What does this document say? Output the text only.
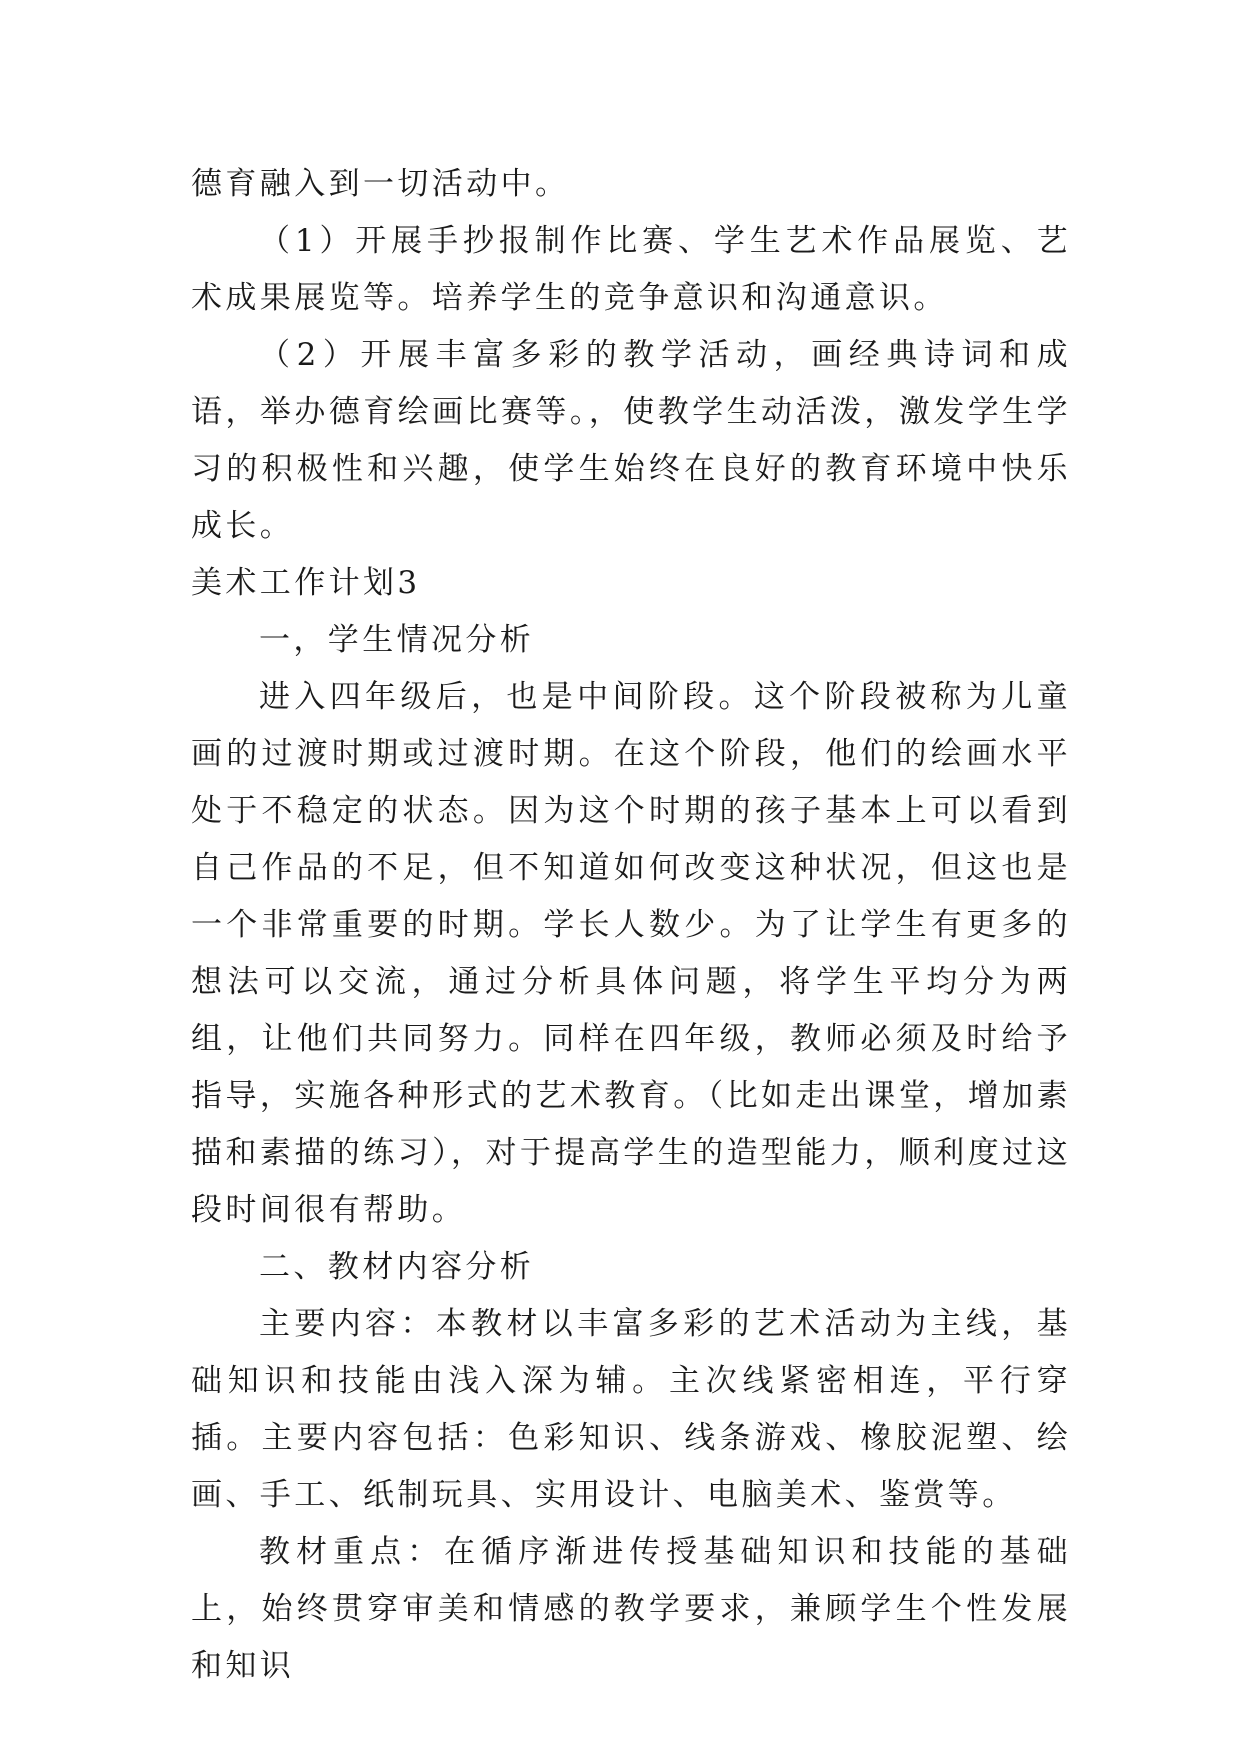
德育融入到一切活动中。

（1）开展手抄报制作比赛、学生艺术作品展览、艺术成果展览等。培养学生的竞争意识和沟通意识。

（2）开展丰富多彩的教学活动，画经典诗词和成语，举办德育绘画比赛等。，使教学生动活泼，激发学生学习的积极性和兴趣，使学生始终在良好的教育环境中快乐成长。

美术工作计划3

一，学生情况分析

进入四年级后，也是中间阶段。这个阶段被称为儿童画的过渡时期或过渡时期。在这个阶段，他们的绘画水平处于不稳定的状态。因为这个时期的孩子基本上可以看到自己作品的不足，但不知道如何改变这种状况，但这也是一个非常重要的时期。学长人数少。为了让学生有更多的想法可以交流，通过分析具体问题，将学生平均分为两组，让他们共同努力。同样在四年级，教师必须及时给予指导，实施各种形式的艺术教育。（比如走出课堂，增加素描和素描的练习），对于提高学生的造型能力，顺利度过这段时间很有帮助。

二、教材内容分析

主要内容：本教材以丰富多彩的艺术活动为主线，基础知识和技能由浅入深为辅。主次线紧密相连，平行穿插。主要内容包括：色彩知识、线条游戏、橡胶泥塑、绘画、手工、纸制玩具、实用设计、电脑美术、鉴赏等。

教材重点：在循序渐进传授基础知识和技能的基础上，始终贯穿审美和情感的教学要求，兼顾学生个性发展和知识
